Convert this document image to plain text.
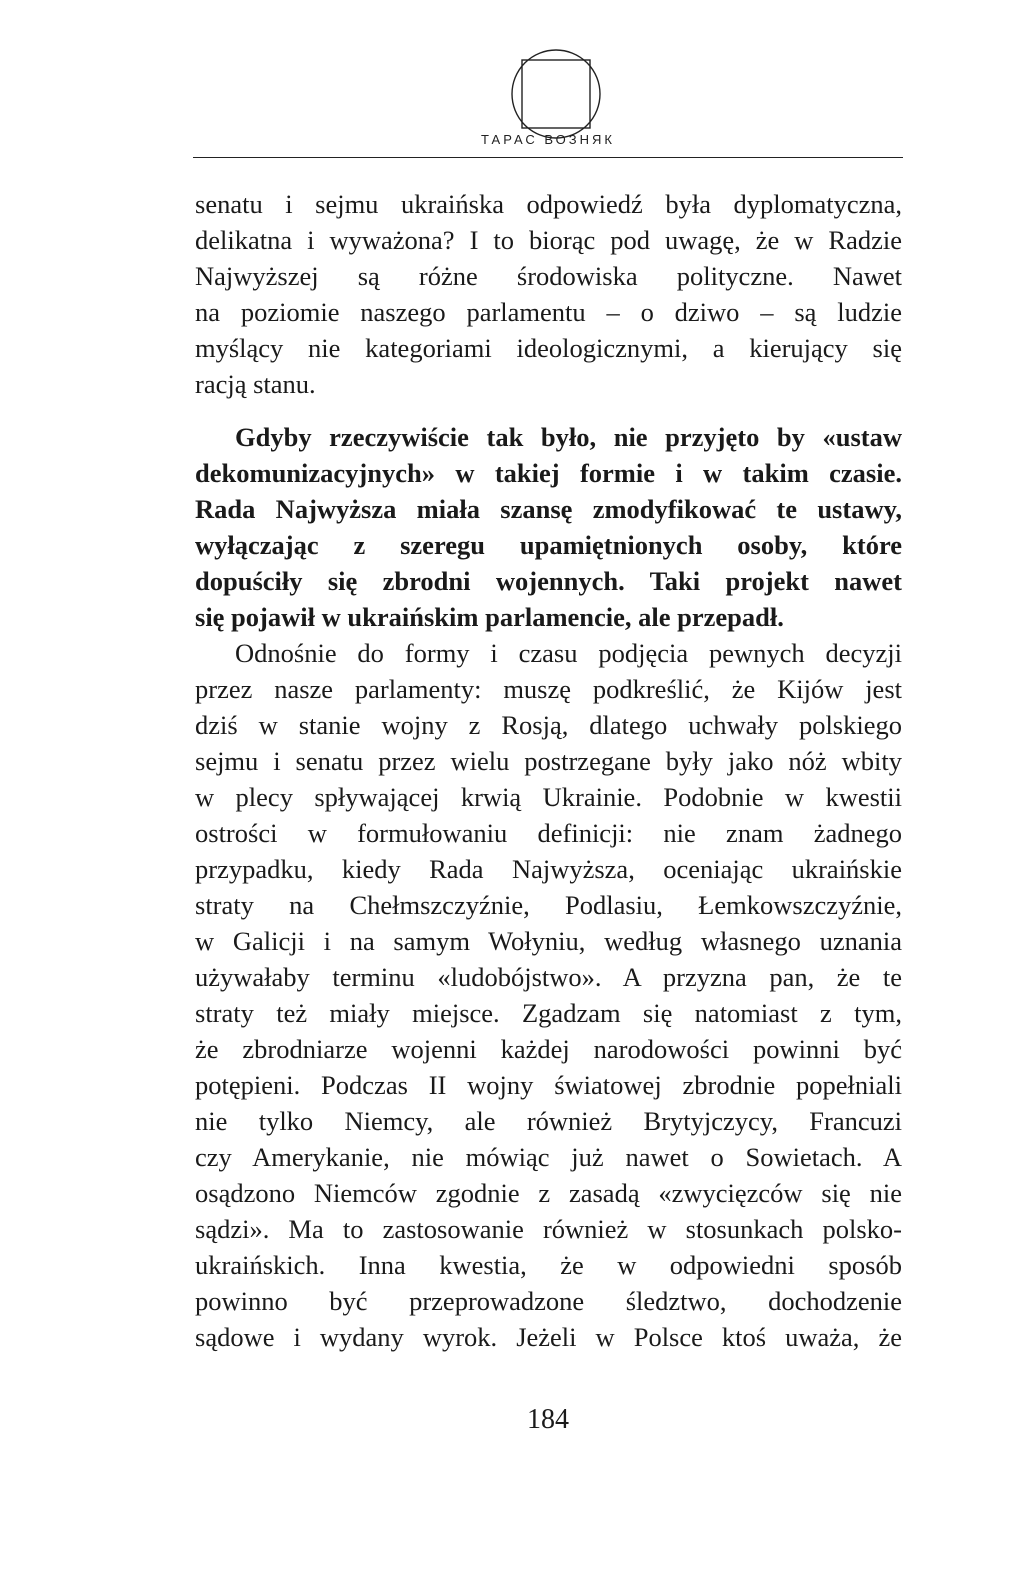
ТАРАС ВОЗНЯК
senatu i sejmu ukraińska odpowiedź była dyplomatyczna,
delikatna i wyważona? I to biorąc pod uwagę, że w Radzie
Najwyższej są różne środowiska polityczne. Nawet
na poziomie naszego parlamentu – o dziwo – są ludzie
myślący nie kategoriami ideologicznymi, a kierujący się
racją stanu.
Gdyby rzeczywiście tak było, nie przyjęto by «ustaw
dekomunizacyjnych» w takiej formie i w takim czasie.
Rada Najwyższa miała szansę zmodyfikować te ustawy,
wyłączając z szeregu upamiętnionych osoby, które
dopuściły się zbrodni wojennych. Taki projekt nawet
się pojawił w ukraińskim parlamencie, ale przepadł.
Odnośnie do formy i czasu podjęcia pewnych decyzji
przez nasze parlamenty: muszę podkreślić, że Kijów jest
dziś w stanie wojny z Rosją, dlatego uchwały polskiego
sejmu i senatu przez wielu postrzegane były jako nóż wbity
w plecy spływającej krwią Ukrainie. Podobnie w kwestii
ostrości w formułowaniu definicji: nie znam żadnego
przypadku, kiedy Rada Najwyższa, oceniając ukraińskie
straty na Chełmszczyźnie, Podlasiu, Łemkowszczyźnie,
w Galicji i na samym Wołyniu, według własnego uznania
używałaby terminu «ludobójstwo». A przyzna pan, że te
straty też miały miejsce. Zgadzam się natomiast z tym,
że zbrodniarze wojenni każdej narodowości powinni być
potępieni. Podczas II wojny światowej zbrodnie popełniali
nie tylko Niemcy, ale również Brytyjczycy, Francuzi
czy Amerykanie, nie mówiąc już nawet o Sowietach. A
osądzono Niemców zgodnie z zasadą «zwycięzców się nie
sądzi». Ma to zastosowanie również w stosunkach polsko-
ukraińskich. Inna kwestia, że w odpowiedni sposób
powinno być przeprowadzone śledztwo, dochodzenie
sądowe i wydany wyrok. Jeżeli w Polsce ktoś uważa, że
184
